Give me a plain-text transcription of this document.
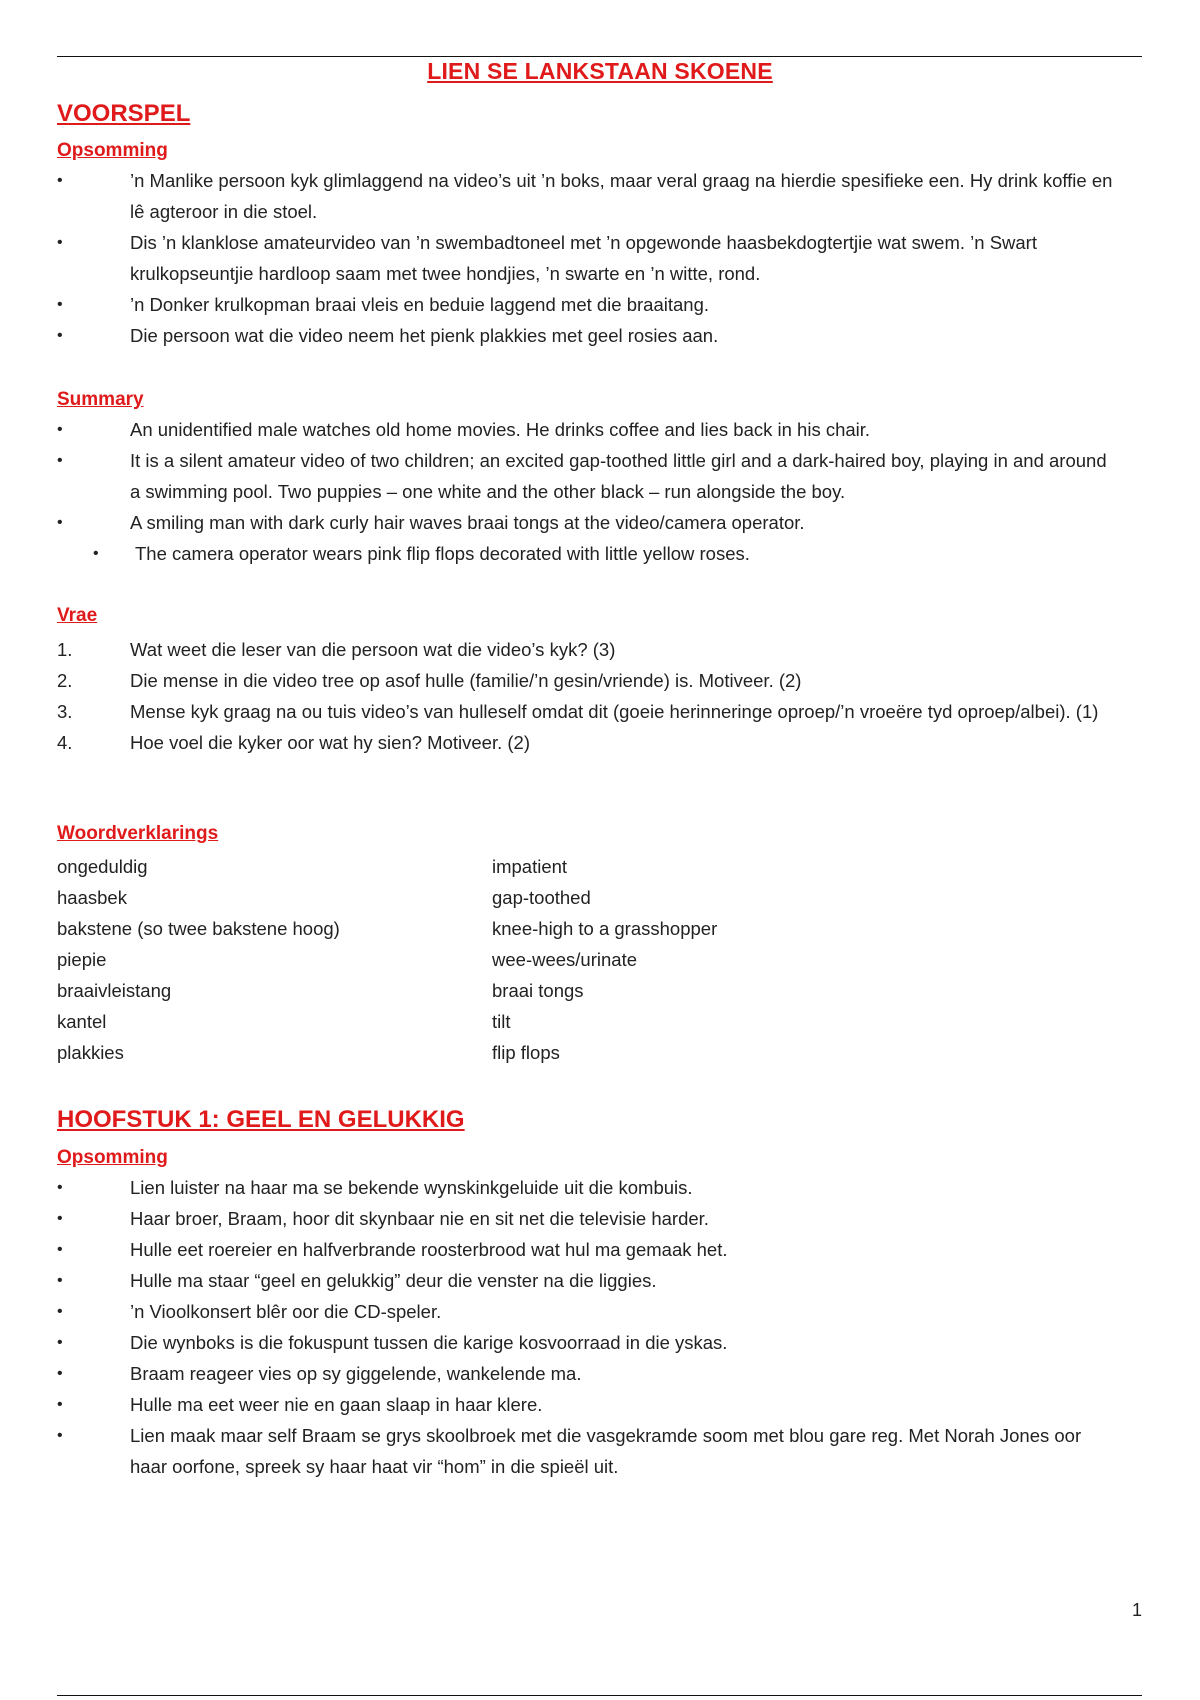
LIEN SE LANKSTAAN SKOENE
VOORSPEL
Opsomming
•	’n Manlike persoon kyk glimlaggend na video’s uit ’n boks, maar veral graag na hierdie spesifieke een. Hy drink koffie en lê agteroor in die stoel.
•	Dis ’n klanklose amateurvideo van ’n swembadtoneel met ’n opgewonde haasbekdogtertjie wat swem. ’n Swart krulkopseuntjie hardloop saam met twee hondjies, ’n swarte en ’n witte, rond.
•	’n Donker krulkopman braai vleis en beduie laggend met die braaitang.
•	Die persoon wat die video neem het pienk plakkies met geel rosies aan.
Summary
•	An unidentified male watches old home movies. He drinks coffee and lies back in his chair.
•	It is a silent amateur video of two children; an excited gap-toothed little girl and a dark-haired boy, playing in and around a swimming pool. Two puppies – one white and the other black – run alongside the boy.
•	A smiling man with dark curly hair waves braai tongs at the video/camera operator.
•	The camera operator wears pink flip flops decorated with little yellow roses.
Vrae
1.	Wat weet die leser van die persoon wat die video’s kyk? (3)
2.	Die mense in die video tree op asof hulle (familie/’n gesin/vriende) is. Motiveer. (2)
3.	Mense kyk graag na ou tuis video’s van hulleself omdat dit (goeie herinneringe oproep/’n vroeëre tyd oproep/albei). (1)
4.	Hoe voel die kyker oor wat hy sien? Motiveer. (2)
Woordverklarings
ongeduldig	impatient
haasbek	gap-toothed
bakstene (so twee bakstene hoog)	knee-high to a grasshopper
piepie	wee-wees/urinate
braaivleistang	braai tongs
kantel	tilt
plakkies	flip flops
HOOFSTUK 1: GEEL EN GELUKKIG
Opsomming
•	Lien luister na haar ma se bekende wynskinkgeluide uit die kombuis.
•	Haar broer, Braam, hoor dit skynbaar nie en sit net die televisie harder.
•	Hulle eet roereier en halfverbrande roosterbrood wat hul ma gemaak het.
•	Hulle ma staar “geel en gelukkig” deur die venster na die liggies.
•	’n Vioolkonsert blêr oor die CD-speler.
•	Die wynboks is die fokuspunt tussen die karige kosvoorraad in die yskas.
•	Braam reageer vies op sy giggelende, wankelende ma.
•	Hulle ma eet weer nie en gaan slaap in haar klere.
•	Lien maak maar self Braam se grys skoolbroek met die vasgekramde soom met blou gare reg. Met Norah Jones oor haar oorfone, spreek sy haar haat vir “hom” in die spieël uit.
1
